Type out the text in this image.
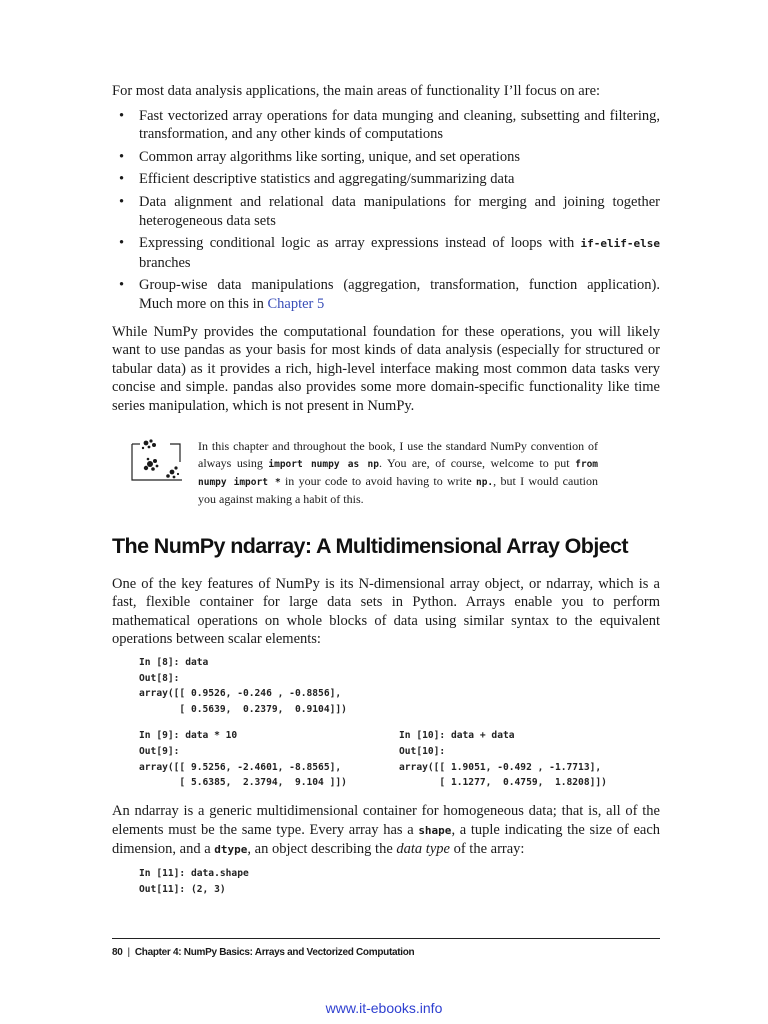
For most data analysis applications, the main areas of functionality I’ll focus on are:

• Fast vectorized array operations for data munging and cleaning, subsetting and filtering, transformation, and any other kinds of computations
• Common array algorithms like sorting, unique, and set operations
• Efficient descriptive statistics and aggregating/summarizing data
• Data alignment and relational data manipulations for merging and joining together heterogeneous data sets
• Expressing conditional logic as array expressions instead of loops with if-elif-else branches
• Group-wise data manipulations (aggregation, transformation, function application). Much more on this in Chapter 5

While NumPy provides the computational foundation for these operations, you will likely want to use pandas as your basis for most kinds of data analysis (especially for structured or tabular data) as it provides a rich, high-level interface making most common data tasks very concise and simple. pandas also provides some more domain-specific functionality like time series manipulation, which is not present in NumPy.

In this chapter and throughout the book, I use the standard NumPy convention of always using import numpy as np. You are, of course, welcome to put from numpy import * in your code to avoid having to write np., but I would caution you against making a habit of this.
The NumPy ndarray: A Multidimensional Array Object

One of the key features of NumPy is its N-dimensional array object, or ndarray, which is a fast, flexible container for large data sets in Python. Arrays enable you to perform mathematical operations on whole blocks of data using similar syntax to the equivalent operations between scalar elements:

In [8]: data
Out[8]:
array([[ 0.9526, -0.246 , -0.8856],
[ 0.5639,  0.2379,  0.9104]])
In [9]: data * 10
Out[9]:
array([[ 9.5256, -2.4601, -8.8565],
[ 5.6385,  2.3794,  9.104 ]])
In [10]: data + data
Out[10]:
array([[ 1.9051, -0.492 , -1.7713],
[ 1.1277,  0.4759,  1.8208]])

An ndarray is a generic multidimensional container for homogeneous data; that is, all of the elements must be the same type. Every array has a shape, a tuple indicating the size of each dimension, and a dtype, an object describing the data type of the array:

In [11]: data.shape
Out[11]: (2, 3)
80 | Chapter 4: NumPy Basics: Arrays and Vectorized Computation
www.it-ebooks.info
